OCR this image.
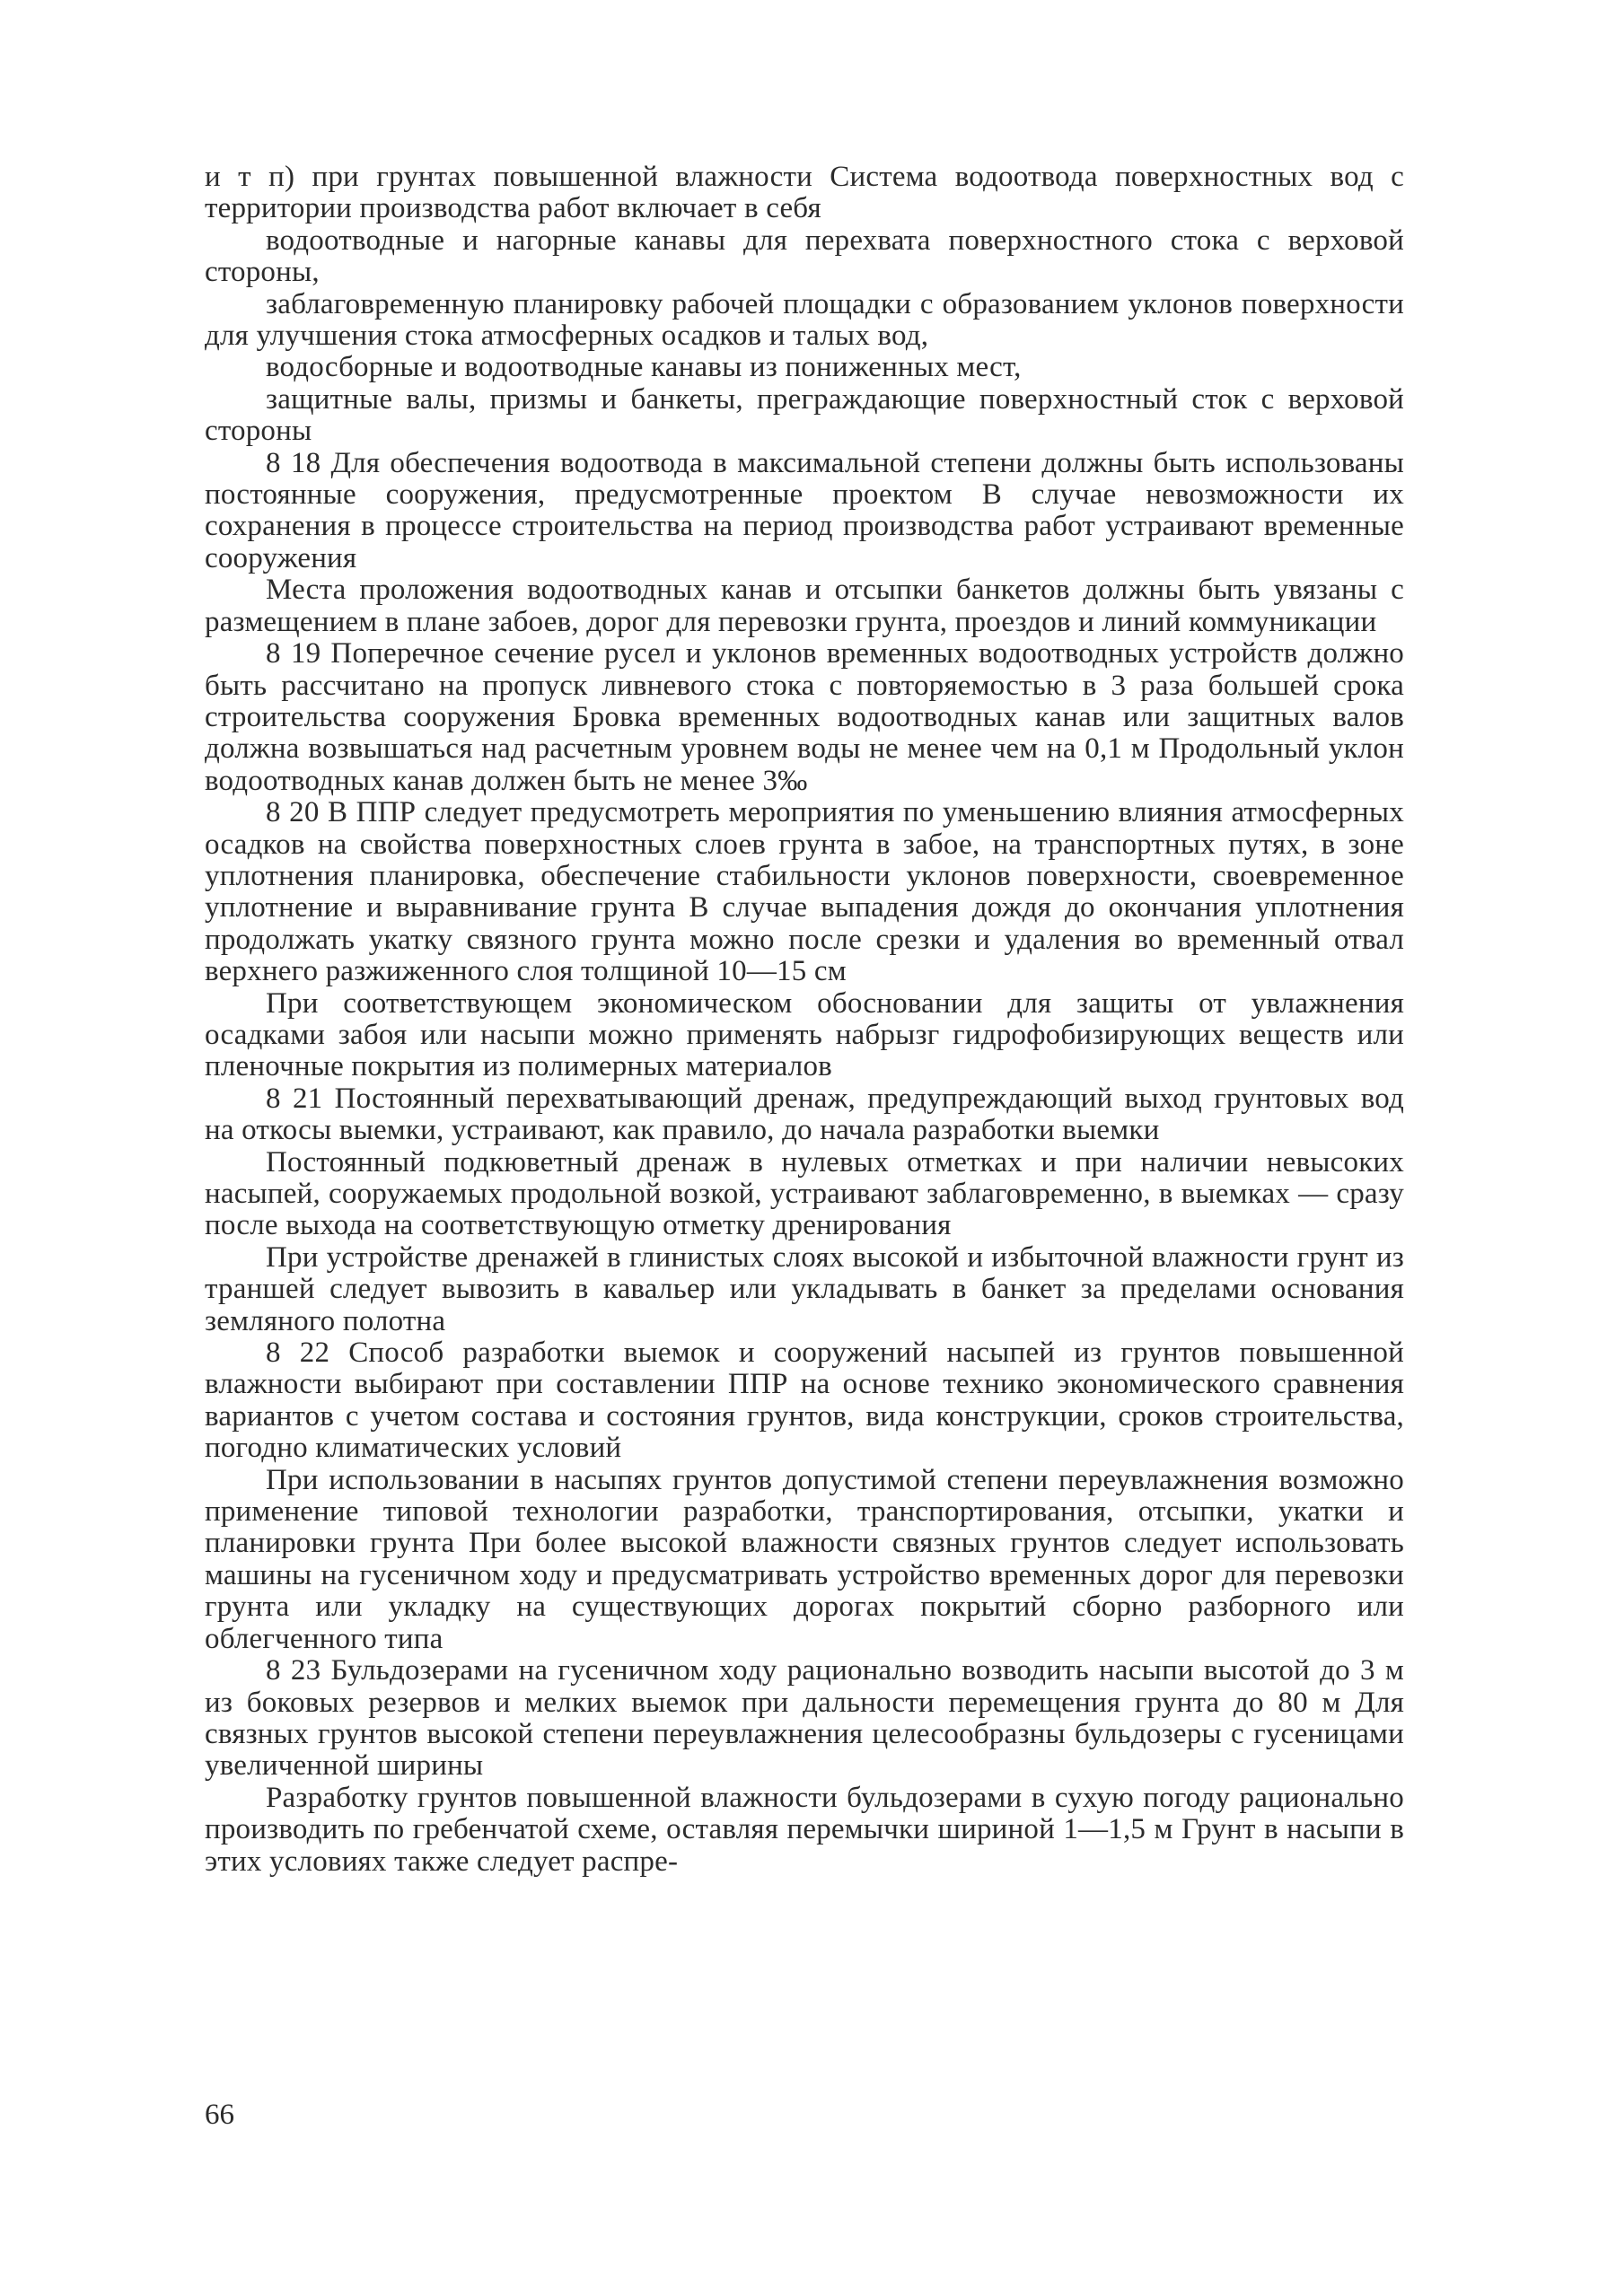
и т п) при грунтах повышенной влажности Система водоотвода поверхностных вод с территории производства работ включает в себя

водоотводные и нагорные канавы для перехвата поверхностного стока с верховой стороны,

заблаговременную планировку рабочей площадки с образованием уклонов поверхности для улучшения стока атмосферных осадков и талых вод,

водосборные и водоотводные канавы из пониженных мест,

защитные валы, призмы и банкеты, преграждающие поверхностный сток с верховой стороны

8 18 Для обеспечения водоотвода в максимальной степени должны быть использованы постоянные сооружения, предусмотренные проектом В случае невозможности их сохранения в процессе строительства на период производства работ устраивают временные сооружения

Места проложения водоотводных канав и отсыпки банкетов должны быть увязаны с размещением в плане забоев, дорог для перевозки грунта, проездов и линий коммуникации

8 19 Поперечное сечение русел и уклонов временных водоотводных устройств должно быть рассчитано на пропуск ливневого стока с повторяемостью в 3 раза большей срока строительства сооружения Бровка временных водоотводных канав или защитных валов должна возвышаться над расчетным уровнем воды не менее чем на 0,1 м Продольный уклон водоотводных канав должен быть не менее 3‰

8 20 В ППР следует предусмотреть мероприятия по уменьшению влияния атмосферных осадков на свойства поверхностных слоев грунта в забое, на транспортных путях, в зоне уплотнения планировка, обеспечение стабильности уклонов поверхности, своевременное уплотнение и выравнивание грунта В случае выпадения дождя до окончания уплотнения продолжать укатку связного грунта можно после срезки и удаления во временный отвал верхнего разжиженного слоя толщиной 10—15 см

При соответствующем экономическом обосновании для защиты от увлажнения осадками забоя или насыпи можно применять набрызг гидрофобизирующих веществ или пленочные покрытия из полимерных материалов

8 21 Постоянный перехватывающий дренаж, предупреждающий выход грунтовых вод на откосы выемки, устраивают, как правило, до начала разработки выемки

Постоянный подкюветный дренаж в нулевых отметках и при наличии невысоких насыпей, сооружаемых продольной возкой, устраивают заблаговременно, в выемках — сразу после выхода на соответствующую отметку дренирования

При устройстве дренажей в глинистых слоях высокой и избыточной влажности грунт из траншей следует вывозить в кавальер или укладывать в банкет за пределами основания земляного полотна

8 22 Способ разработки выемок и сооружений насыпей из грунтов повышенной влажности выбирают при составлении ППР на основе технико экономического сравнения вариантов с учетом состава и состояния грунтов, вида конструкции, сроков строительства, погодно климатических условий

При использовании в насыпях грунтов допустимой степени переувлажнения возможно применение типовой технологии разработки, транспортирования, отсыпки, укатки и планировки грунта При более высокой влажности связных грунтов следует использовать машины на гусеничном ходу и предусматривать устройство временных дорог для перевозки грунта или укладку на существующих дорогах покрытий сборно разборного или облегченного типа

8 23 Бульдозерами на гусеничном ходу рационально возводить насыпи высотой до 3 м из боковых резервов и мелких выемок при дальности перемещения грунта до 80 м Для связных грунтов высокой степени переувлажнения целесообразны бульдозеры с гусеницами увеличенной ширины

Разработку грунтов повышенной влажности бульдозерами в сухую погоду рационально производить по гребенчатой схеме, оставляя перемычки шириной 1—1,5 м Грунт в насыпи в этих условиях также следует распре-

66
